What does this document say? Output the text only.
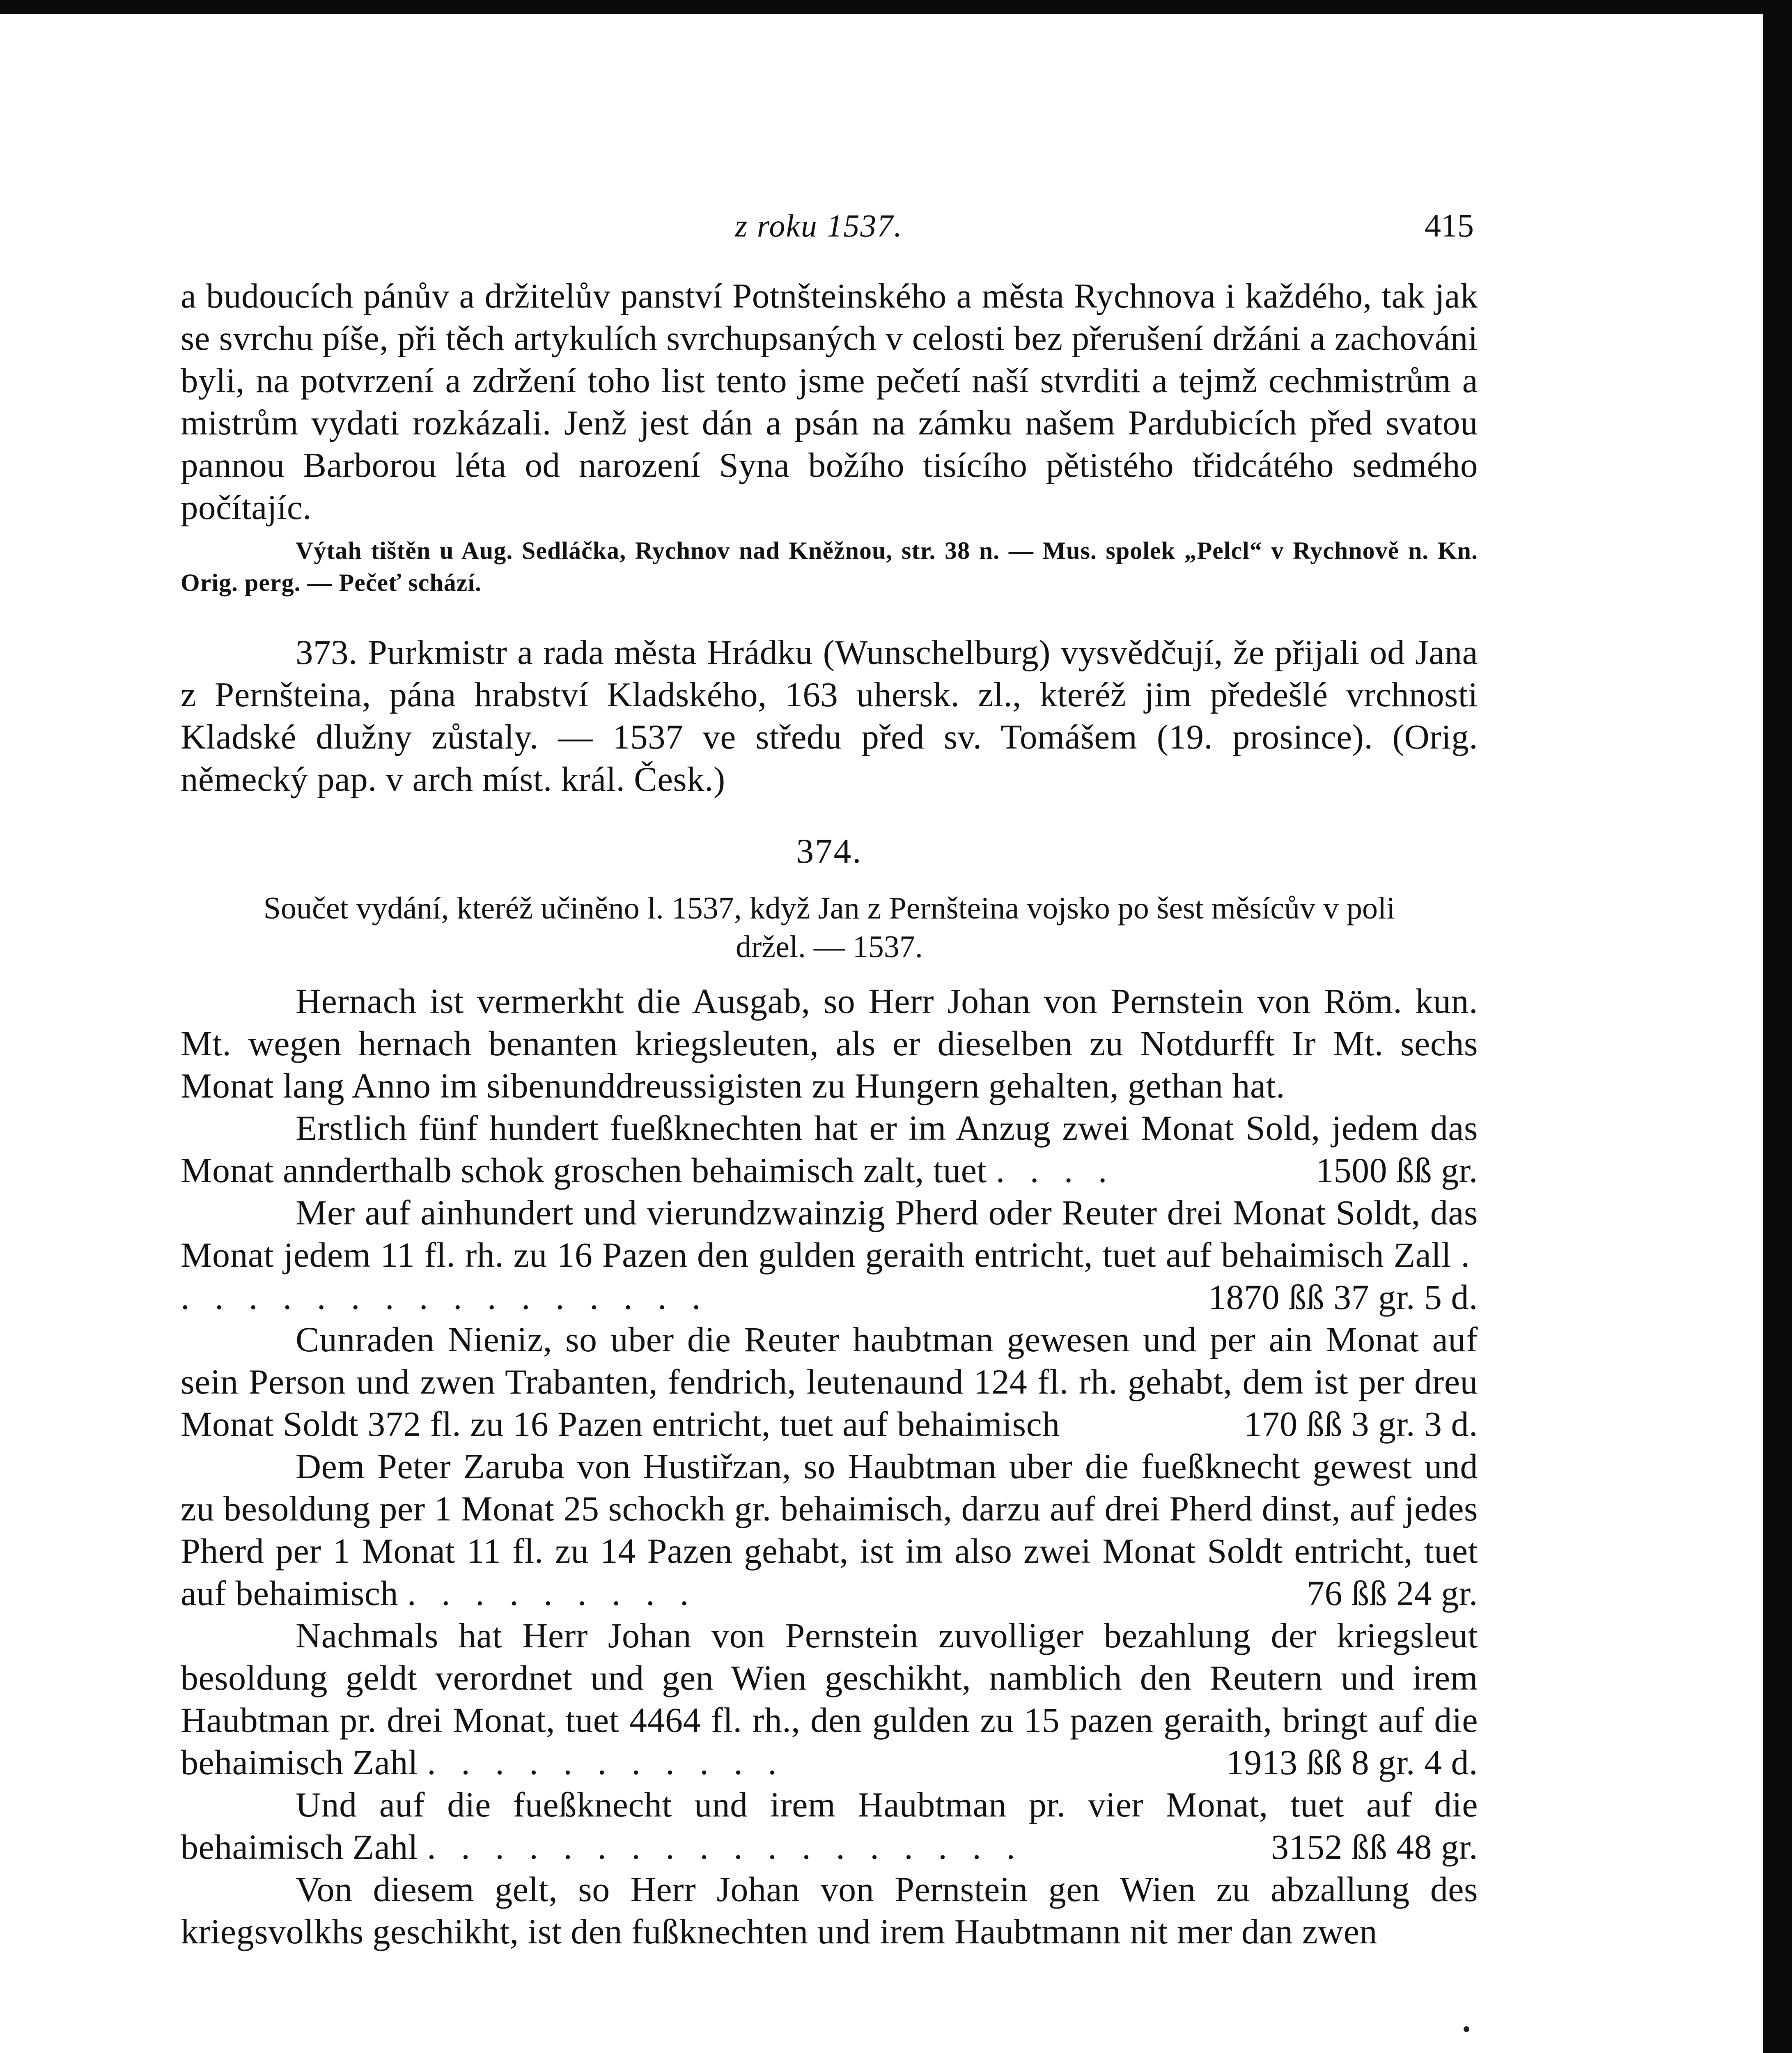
z roku 1537.	415

a budoucích pánův a držitelův panství Potnšteinského a města Rychnova i každého, tak jak se svrchu píše, při těch artykulích svrchupsaných v celosti bez přerušení držáni a zachováni byli, na potvrzení a zdržení toho list tento jsme pečetí naší stvrditi a tejmž cechmistrům a mistrům vydati rozkázali. Jenž jest dán a psán na zámku našem Pardubicích před svatou pannou Barborou léta od narození Syna božího tisícího pětistého třidcátého sedmého počítajíc.

Výtah tištěn u Aug. Sedláčka, Rychnov nad Kněžnou, str. 38 n. — Mus. spolek „Pelcl“ v Rychnově n. Kn. Orig. perg. — Pečeť schází.

373. Purkmistr a rada města Hrádku (Wunschelburg) vysvědčují, že přijali od Jana z Pernšteina, pána hrabství Kladského, 163 uhersk. zl., kteréž jim předešlé vrchnosti Kladské dlužny zůstaly. — 1537 ve středu před sv. Tomášem (19. prosince). (Orig. německý pap. v arch míst. král. Česk.)

374.
Součet vydání, kteréž učiněno l. 1537, když Jan z Pernšteina vojsko po šest měsícův v poli
držel. — 1537.

Hernach ist vermerkht die Ausgab, so Herr Johan von Pernstein von Röm. kun. Mt. wegen hernach benanten kriegsleuten, als er dieselben zu Notdurfft Ir Mt. sechs Monat lang Anno im sibenunddreussigisten zu Hungern gehalten, gethan hat.

Erstlich fünf hundert fueßknechten hat er im Anzug zwei Monat Sold, jedem das Monat annderthalb schok groschen behaimisch zalt, tuet . . . .	1500 ßß gr.

Mer auf ainhundert und vierundzwainzig Pherd oder Reuter drei Monat Soldt, das Monat jedem 11 fl. rh. zu 16 Pazen den gulden geraith entricht, tuet auf behaimisch Zall . . . . . . . . . . . . . . . . .	1870 ßß 37 gr. 5 d.

Cunraden Nieniz, so uber die Reuter haubtman gewesen und per ain Monat auf sein Person und zwen Trabanten, fendrich, leutenaund 124 fl. rh. gehabt, dem ist per dreu Monat Soldt 372 fl. zu 16 Pazen entricht, tuet auf behaimisch	170 ßß 3 gr. 3 d.

Dem Peter Zaruba von Hustiřzan, so Haubtman uber die fueßknecht gewest und zu besoldung per 1 Monat 25 schockh gr. behaimisch, darzu auf drei Pherd dinst, auf jedes Pherd per 1 Monat 11 fl. zu 14 Pazen gehabt, ist im also zwei Monat Soldt entricht, tuet auf behaimisch . . . . . . . . .	76 ßß 24 gr.

Nachmals hat Herr Johan von Pernstein zuvolliger bezahlung der kriegsleut besoldung geldt verordnet und gen Wien geschikht, namblich den Reutern und irem Haubtman pr. drei Monat, tuet 4464 fl. rh., den gulden zu 15 pazen geraith, bringt auf die behaimisch Zahl . . . . . . . . . . .	1913 ßß 8 gr. 4 d.

Und auf die fueßknecht und irem Haubtman pr. vier Monat, tuet auf die behaimisch Zahl . . . . . . . . . . . . . . . . . .	3152 ßß 48 gr.

Von diesem gelt, so Herr Johan von Pernstein gen Wien zu abzallung des kriegsvolkhs geschikht, ist den fußknechten und irem Haubtmann nit mer dan zwen
